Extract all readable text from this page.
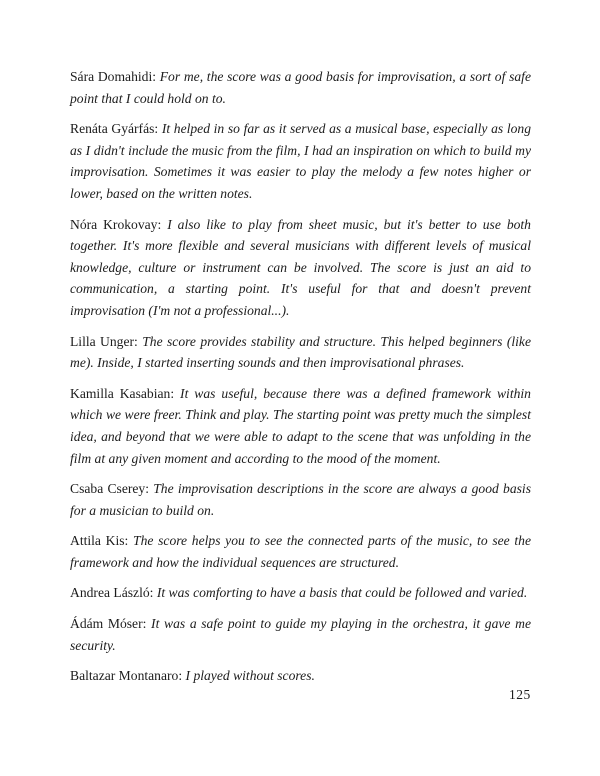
Sára Domahidi: For me, the score was a good basis for improvisation, a sort of safe point that I could hold on to.

Renáta Gyárfás: It helped in so far as it served as a musical base, especially as long as I didn't include the music from the film, I had an inspiration on which to build my improvisation. Sometimes it was easier to play the melody a few notes higher or lower, based on the written notes.

Nóra Krokovay: I also like to play from sheet music, but it's better to use both together. It's more flexible and several musicians with different levels of musical knowledge, culture or instrument can be involved. The score is just an aid to communication, a starting point. It's useful for that and doesn't prevent improvisation (I'm not a professional...).

Lilla Unger: The score provides stability and structure. This helped beginners (like me). Inside, I started inserting sounds and then improvisational phrases.

Kamilla Kasabian: It was useful, because there was a defined framework within which we were freer. Think and play. The starting point was pretty much the simplest idea, and beyond that we were able to adapt to the scene that was unfolding in the film at any given moment and according to the mood of the moment.

Csaba Cserey: The improvisation descriptions in the score are always a good basis for a musician to build on.

Attila Kis: The score helps you to see the connected parts of the music, to see the framework and how the individual sequences are structured.

Andrea László: It was comforting to have a basis that could be followed and varied.

Ádám Móser: It was a safe point to guide my playing in the orchestra, it gave me security.

Baltazar Montanaro: I played without scores.

125
